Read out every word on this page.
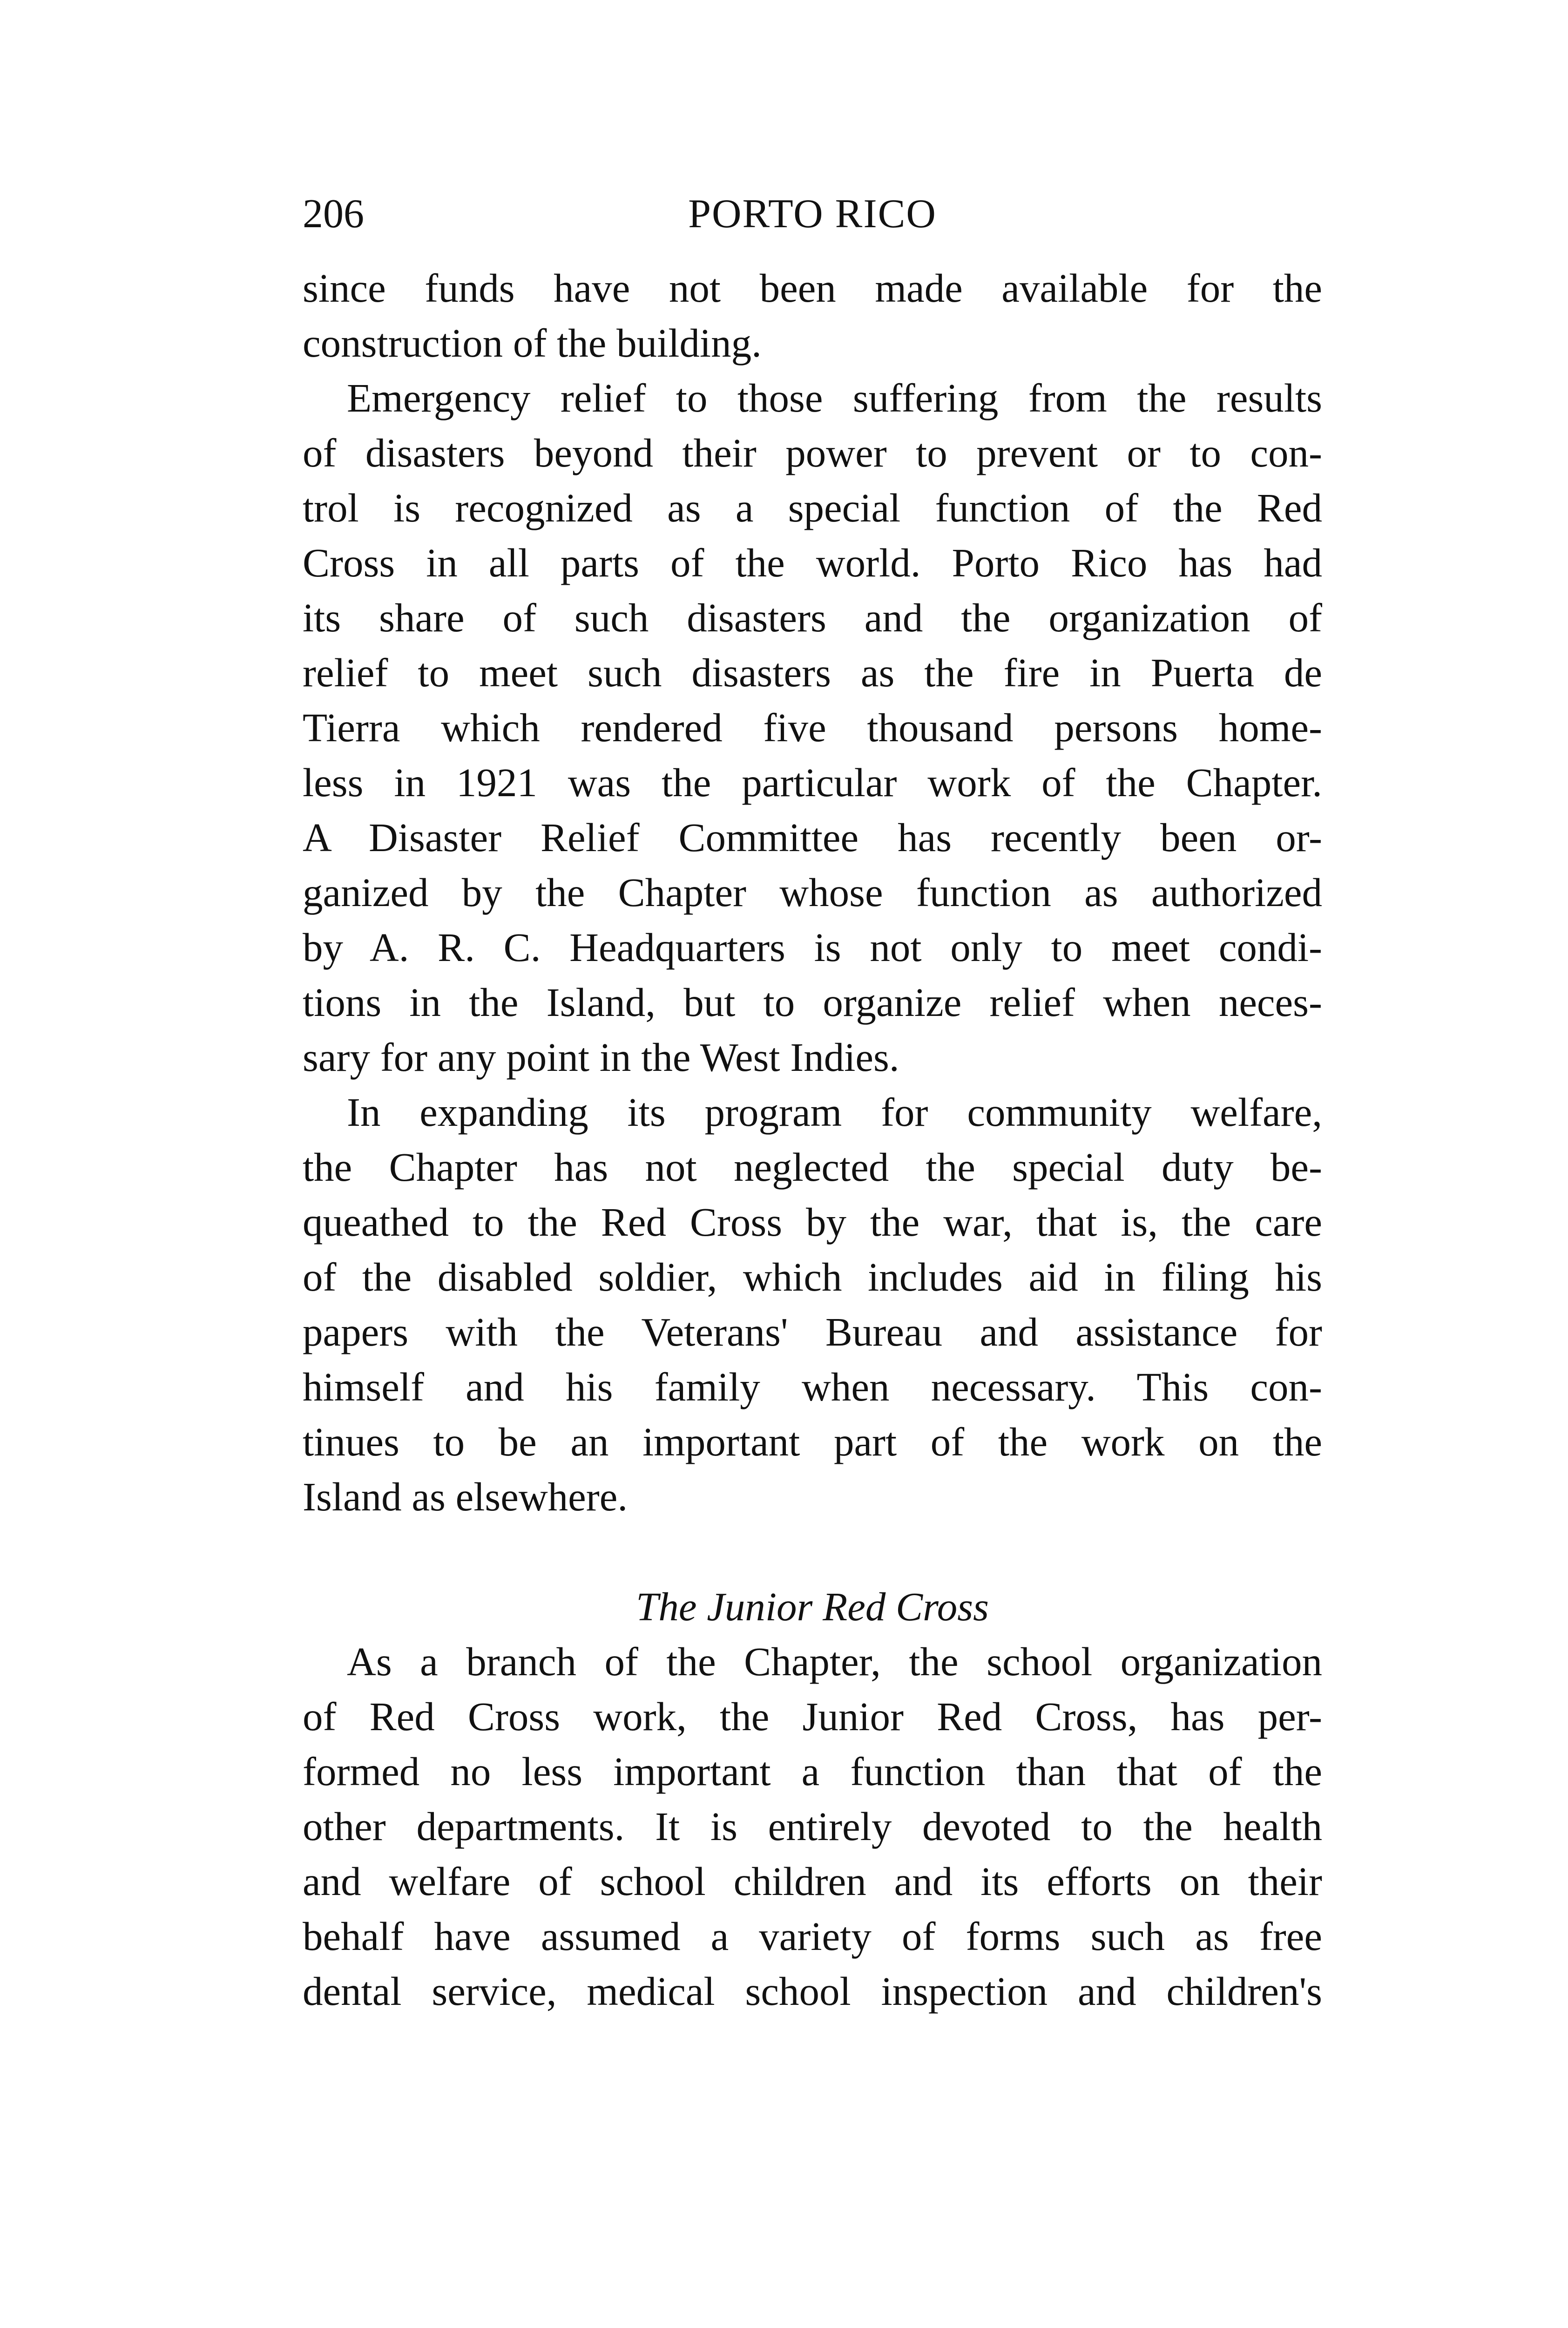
206	PORTO RICO
since funds have not been made available for the
construction of the building.
Emergency relief to those suffering from the results
of disasters beyond their power to prevent or to con-
trol is recognized as a special function of the Red
Cross in all parts of the world. Porto Rico has had
its share of such disasters and the organization of
relief to meet such disasters as the fire in Puerta de
Tierra which rendered five thousand persons home-
less in 1921 was the particular work of the Chapter.
A Disaster Relief Committee has recently been or-
ganized by the Chapter whose function as authorized
by A. R. C. Headquarters is not only to meet condi-
tions in the Island, but to organize relief when neces-
sary for any point in the West Indies.
In expanding its program for community welfare,
the Chapter has not neglected the special duty be-
queathed to the Red Cross by the war, that is, the care
of the disabled soldier, which includes aid in filing his
papers with the Veterans' Bureau and assistance for
himself and his family when necessary. This con-
tinues to be an important part of the work on the
Island as elsewhere.
The Junior Red Cross
As a branch of the Chapter, the school organization
of Red Cross work, the Junior Red Cross, has per-
formed no less important a function than that of the
other departments. It is entirely devoted to the health
and welfare of school children and its efforts on their
behalf have assumed a variety of forms such as free
dental service, medical school inspection and children's
